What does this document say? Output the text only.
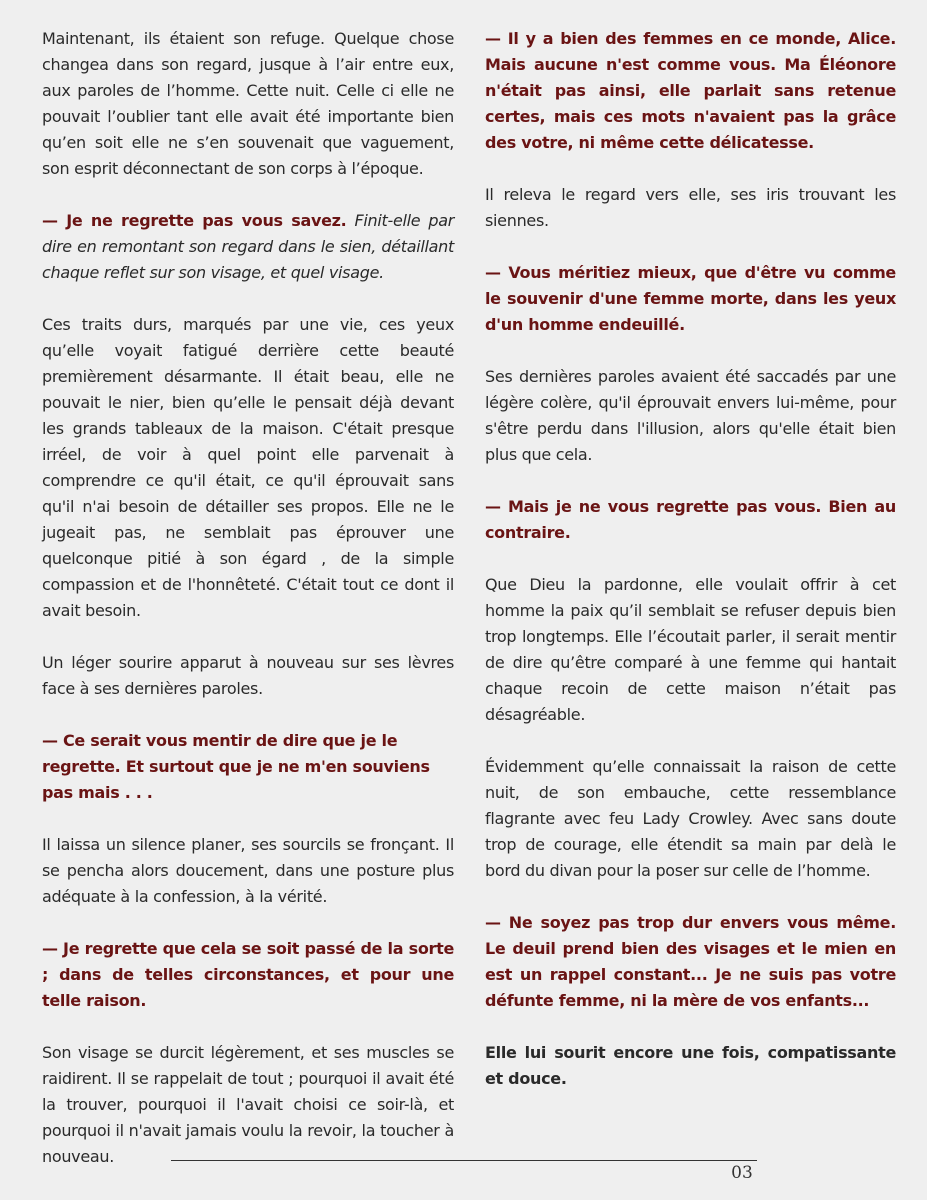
Maintenant, ils étaient son refuge. Quelque chose changea dans son regard, jusque à l’air entre eux, aux paroles de l’homme. Cette nuit. Celle ci elle ne pouvait l’oublier tant elle avait été importante bien qu’en soit elle ne s’en souvenait que vaguement, son esprit déconnectant de son corps à l’époque.

— Je ne regrette pas vous savez. Finit-elle par dire en remontant son regard dans le sien, détaillant chaque reflet sur son visage, et quel visage.

Ces traits durs, marqués par une vie, ces yeux qu’elle voyait fatigué derrière cette beauté premièrement désarmante. Il était beau, elle ne pouvait le nier, bien qu’elle le pensait déjà devant les grands tableaux de la maison. C'était presque irréel, de voir à quel point elle parvenait à comprendre ce qu'il était, ce qu'il éprouvait sans qu'il n'ai besoin de détailler ses propos. Elle ne le jugeait pas, ne semblait pas éprouver une quelconque pitié à son égard , de la simple compassion et de l'honnêteté. C'était tout ce dont il avait besoin.

Un léger sourire apparut à nouveau sur ses lèvres face à ses dernières paroles.

— Ce serait vous mentir de dire que je le regrette. Et surtout que je ne m'en souviens pas mais . . .

Il laissa un silence planer, ses sourcils se fronçant. Il se pencha alors doucement, dans une posture plus adéquate à la confession, à la vérité.

— Je regrette que cela se soit passé de la sorte ; dans de telles circonstances, et pour une telle raison.

Son visage se durcit légèrement, et ses muscles se raidirent. Il se rappelait de tout ; pourquoi il avait été la trouver, pourquoi il l'avait choisi ce soir-là, et pourquoi il n'avait jamais voulu la revoir, la toucher à nouveau.

— Il y a bien des femmes en ce monde, Alice. Mais aucune n'est comme vous. Ma Éléonore n'était pas ainsi, elle parlait sans retenue certes, mais ces mots n'avaient pas la grâce des votre, ni même cette délicatesse.

Il releva le regard vers elle, ses iris trouvant les siennes.

— Vous méritiez mieux, que d'être vu comme le souvenir d'une femme morte, dans les yeux d'un homme endeuillé.

Ses dernières paroles avaient été saccadés par une légère colère, qu'il éprouvait envers lui-même, pour s'être perdu dans l'illusion, alors qu'elle était bien plus que cela.

— Mais je ne vous regrette pas vous. Bien au contraire.

Que Dieu la pardonne, elle voulait offrir à cet homme la paix qu’il semblait se refuser depuis bien trop longtemps. Elle l’écoutait parler, il serait mentir de dire qu’être comparé à une femme qui hantait chaque recoin de cette maison n’était pas désagréable.

Évidemment qu’elle connaissait la raison de cette nuit, de son embauche, cette ressemblance flagrante avec feu Lady Crowley. Avec sans doute trop de courage, elle étendit sa main par delà le bord du divan pour la poser sur celle de l’homme.

— Ne soyez pas trop dur envers vous même. Le deuil prend bien des visages et le mien en est un rappel constant... Je ne suis pas votre défunte femme, ni la mère de vos enfants...

Elle lui sourit encore une fois, compatissante et douce.

03
